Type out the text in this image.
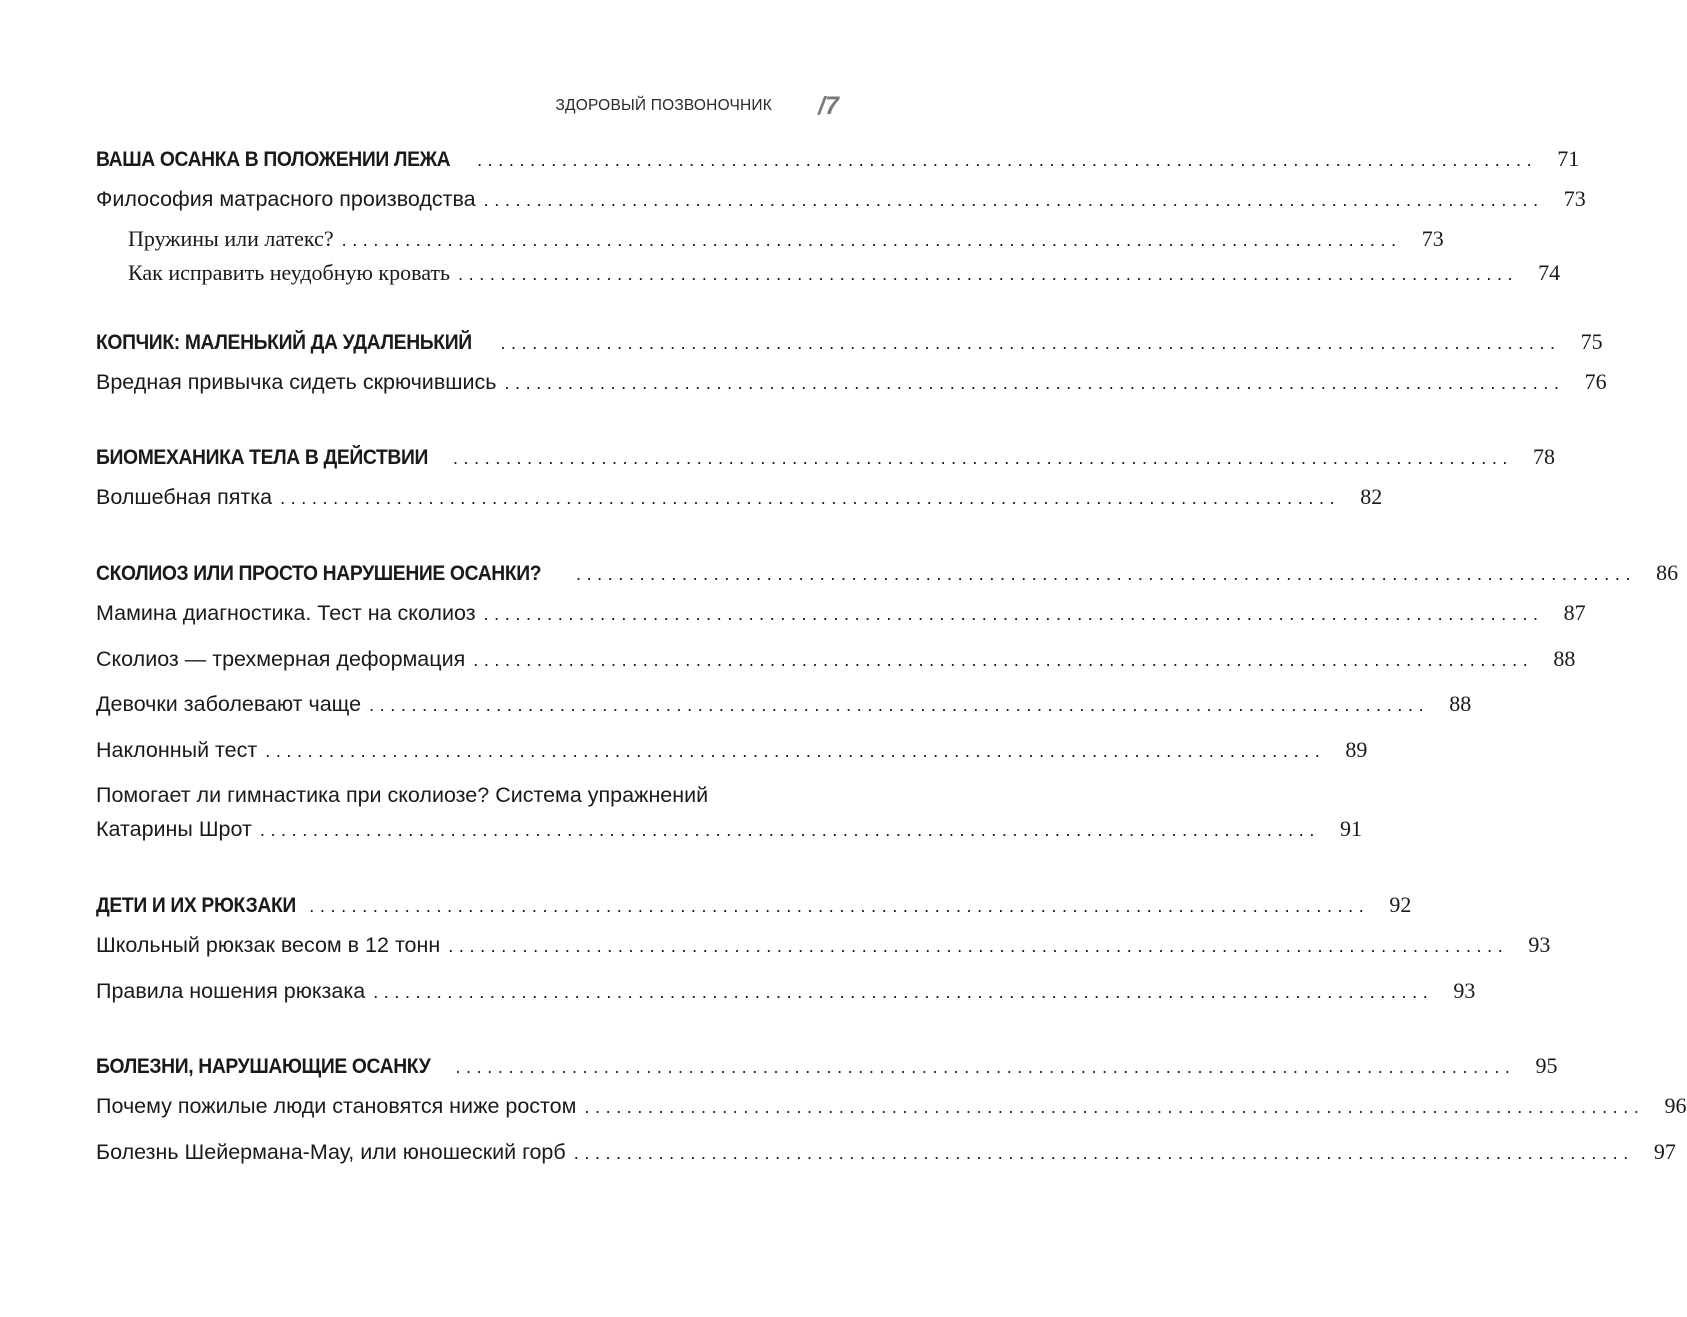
ЗДОРОВЫЙ ПОЗВОНОЧНИК /7
ВАША ОСАНКА В ПОЛОЖЕНИИ ЛЕЖА .................................................................................................... 71
Философия матрасного производства .................................................................................................... 73
Пружины или латекс? .................................................................................................... 73
Как исправить неудобную кровать .................................................................................................... 74
КОПЧИК: МАЛЕНЬКИЙ ДА УДАЛЕНЬКИЙ .................................................................................................... 75
Вредная привычка сидеть скрючившись .................................................................................................... 76
БИОМЕХАНИКА ТЕЛА В ДЕЙСТВИИ .................................................................................................... 78
Волшебная пятка .................................................................................................... 82
СКОЛИОЗ ИЛИ ПРОСТО НАРУШЕНИЕ ОСАНКИ? .................................................................................................... 86
Мамина диагностика. Тест на сколиоз .................................................................................................... 87
Сколиоз — трехмерная деформация .................................................................................................... 88
Девочки заболевают чаще .................................................................................................... 88
Наклонный тест .................................................................................................... 89
Помогает ли гимнастика при сколиозе? Система упражнений
Катарины Шрот .................................................................................................... 91
ДЕТИ И ИХ РЮКЗАКИ .................................................................................................... 92
Школьный рюкзак весом в 12 тонн .................................................................................................... 93
Правила ношения рюкзака .................................................................................................... 93
БОЛЕЗНИ, НАРУШАЮЩИЕ ОСАНКУ .................................................................................................... 95
Почему пожилые люди становятся ниже ростом .................................................................................................... 96
Болезнь Шейермана-Мау, или юношеский горб .................................................................................................... 97
